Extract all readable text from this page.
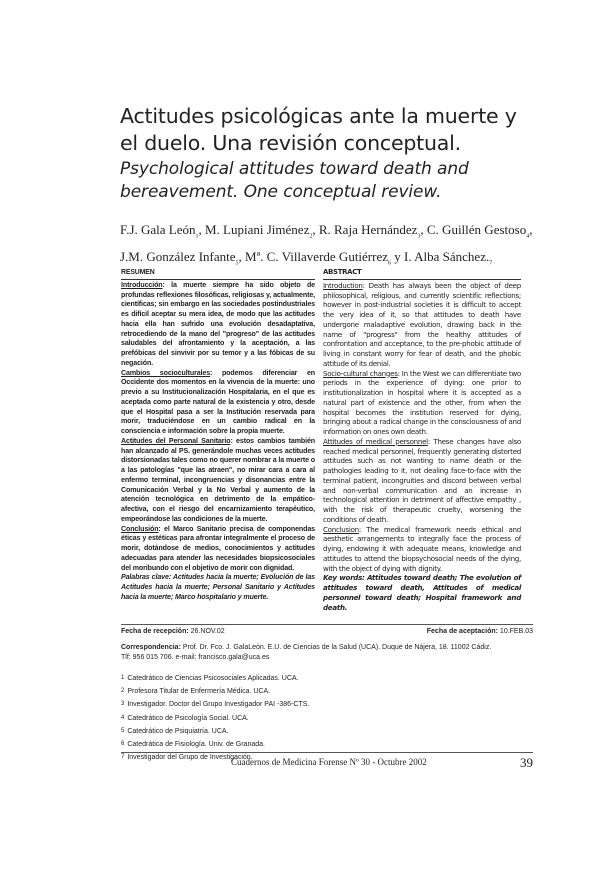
Actitudes psicológicas ante la muerte y el duelo. Una revisión conceptual.
Psychological attitudes toward death and bereavement. One conceptual review.
F.J. Gala León$_1$, M. Lupiani Jiménez$_2$, R. Raja Hernández$_3$, C. Guillén Gestoso$_4$,
J.M. González Infante$_5$, Mª. C. Villaverde Gutiérrez$_6$ y I. Alba $Sánchez._7$
RESUMEN

Introducción: la muerte siempre ha sido objeto de profundas reflexiones filosóficas, religiosas y, actualmente, científicas; sin embargo en las sociedades postindustriales es difícil aceptar su mera idea, de modo que las actitudes hacia ella han sufrido una evolución desadaptativa, retrocediendo de la mano del "progreso" de las actitudes saludables del afrontamiento y la aceptación, a las prefóbicas del sinvivir por su temor y a las fóbicas de su negación.

Cambios socioculturales: podemos diferenciar en Occidente dos momentos en la vivencia de la muerte: uno previo a su Institucionalización Hospitalaria, en el que es aceptada como parte natural de la existencia y otro, desde que el Hospital pasa a ser la Institución reservada para morir, traduciéndose en un cambio radical en la consciencia e información sobre la propia muerte.

Actitudes del Personal Sanitario: estos cambios también han alcanzado al PS. generándole muchas veces actitudes distorsionadas tales como no querer nombrar a la muerte o a las patologías "que las atraen", no mirar cara a cara al enfermo terminal, incongruencias y disonancias entre la Comunicación Verbal y la No Verbal y aumento de la atención tecnológica en detrimento de la empático-afectiva, con el riesgo del encarnizamiento terapéutico, empeorándose las condiciones de la muerte.

Conclusión: el Marco Sanitario precisa de componendas éticas y estéticas para afrontar integralmente el proceso de morir, dotándose de medios, conocimientos y actitudes adecuadas para atender las necesidades biopsicosociales del moribundo con el objetivo de morir con dignidad.

Palabras clave: Actitudes hacia la muerte; Evolución de las Actitudes hacia la muerte; Personal Sanitario y Actitudes hacia la muerte; Marco hospitalario y muerte.

ABSTRACT

Introduction: Death has always been the object of deep philosophical, religious, and currently scientific reflections; however in post-industrial societies it is difficult to accept the very idea of it, so that attitudes to death have undergone maladaptive evolution, drawing back in the name of "progress" from the healthy attitudes of confrontation and acceptance, to the pre-phobic attitude of living in constant worry for fear of death, and the phobic attitude of its denial.

Socio-cultural changes: In the West we can differentiate two periods in the experience of dying: one prior to institutionalization in hospital where it is accepted as a natural part of existence and the other, from when the hospital becomes the institution reserved for dying, bringing about a radical change in the consciousness of and information on ones own death.

Attitudes of medical personnel: These changes have also reached medical personnel, frequently generating distorted attitudes such as not wanting to name death or the pathologies leading to it, not dealing face-to-face with the terminal patient, incongruities and discord between verbal and non-verbal communication and an increase in technological attention in detriment of affective empathy , with the risk of therapeutic cruelty, worsening the conditions of death.

Conclusion: The medical framework needs ethical and aesthetic arrangements to integrally face the process of dying, endowing it with adequate means, knowledge and attitudes to attend the biopsychosocial needs of the dying, with the object of dying with dignity.

Key words: Attitudes toward death; The evolution of attitudes toward death, Attitudes of medical personnel toward death; Hospital framework and death.

Fecha de recepción: 26.NOV.02	Fecha de aceptación: 10.FEB.03
Correspondencia: Prof. Dr. Fco. J. GalaLeón. E.U. de Ciencias de la Salud (UCA). Duque de Nájera, 18. 11002 Cádiz.
Tlf: 956 015 706. e-mail: francisco.gala@uca.es
$^1$ Catedrático de Ciencias Psicosociales Aplicadas. UCA.
$^2$ Profesora Titular de Enfermería Médica. UCA.
$^3$ Investigador. Doctor del Grupo Investigador PAI -386-CTS.
$^4$ Catedrático de Psicología Social. UCA.
$^5$ Catedrático de Psiquiatría. UCA.
$^6$ Catedrática de Fisiología. Univ. de Granada.
$^7$ Investigador del Grupo de Investigación.
Cuadernos de Medicina Forense Nº 30 - Octubre 2002	39
